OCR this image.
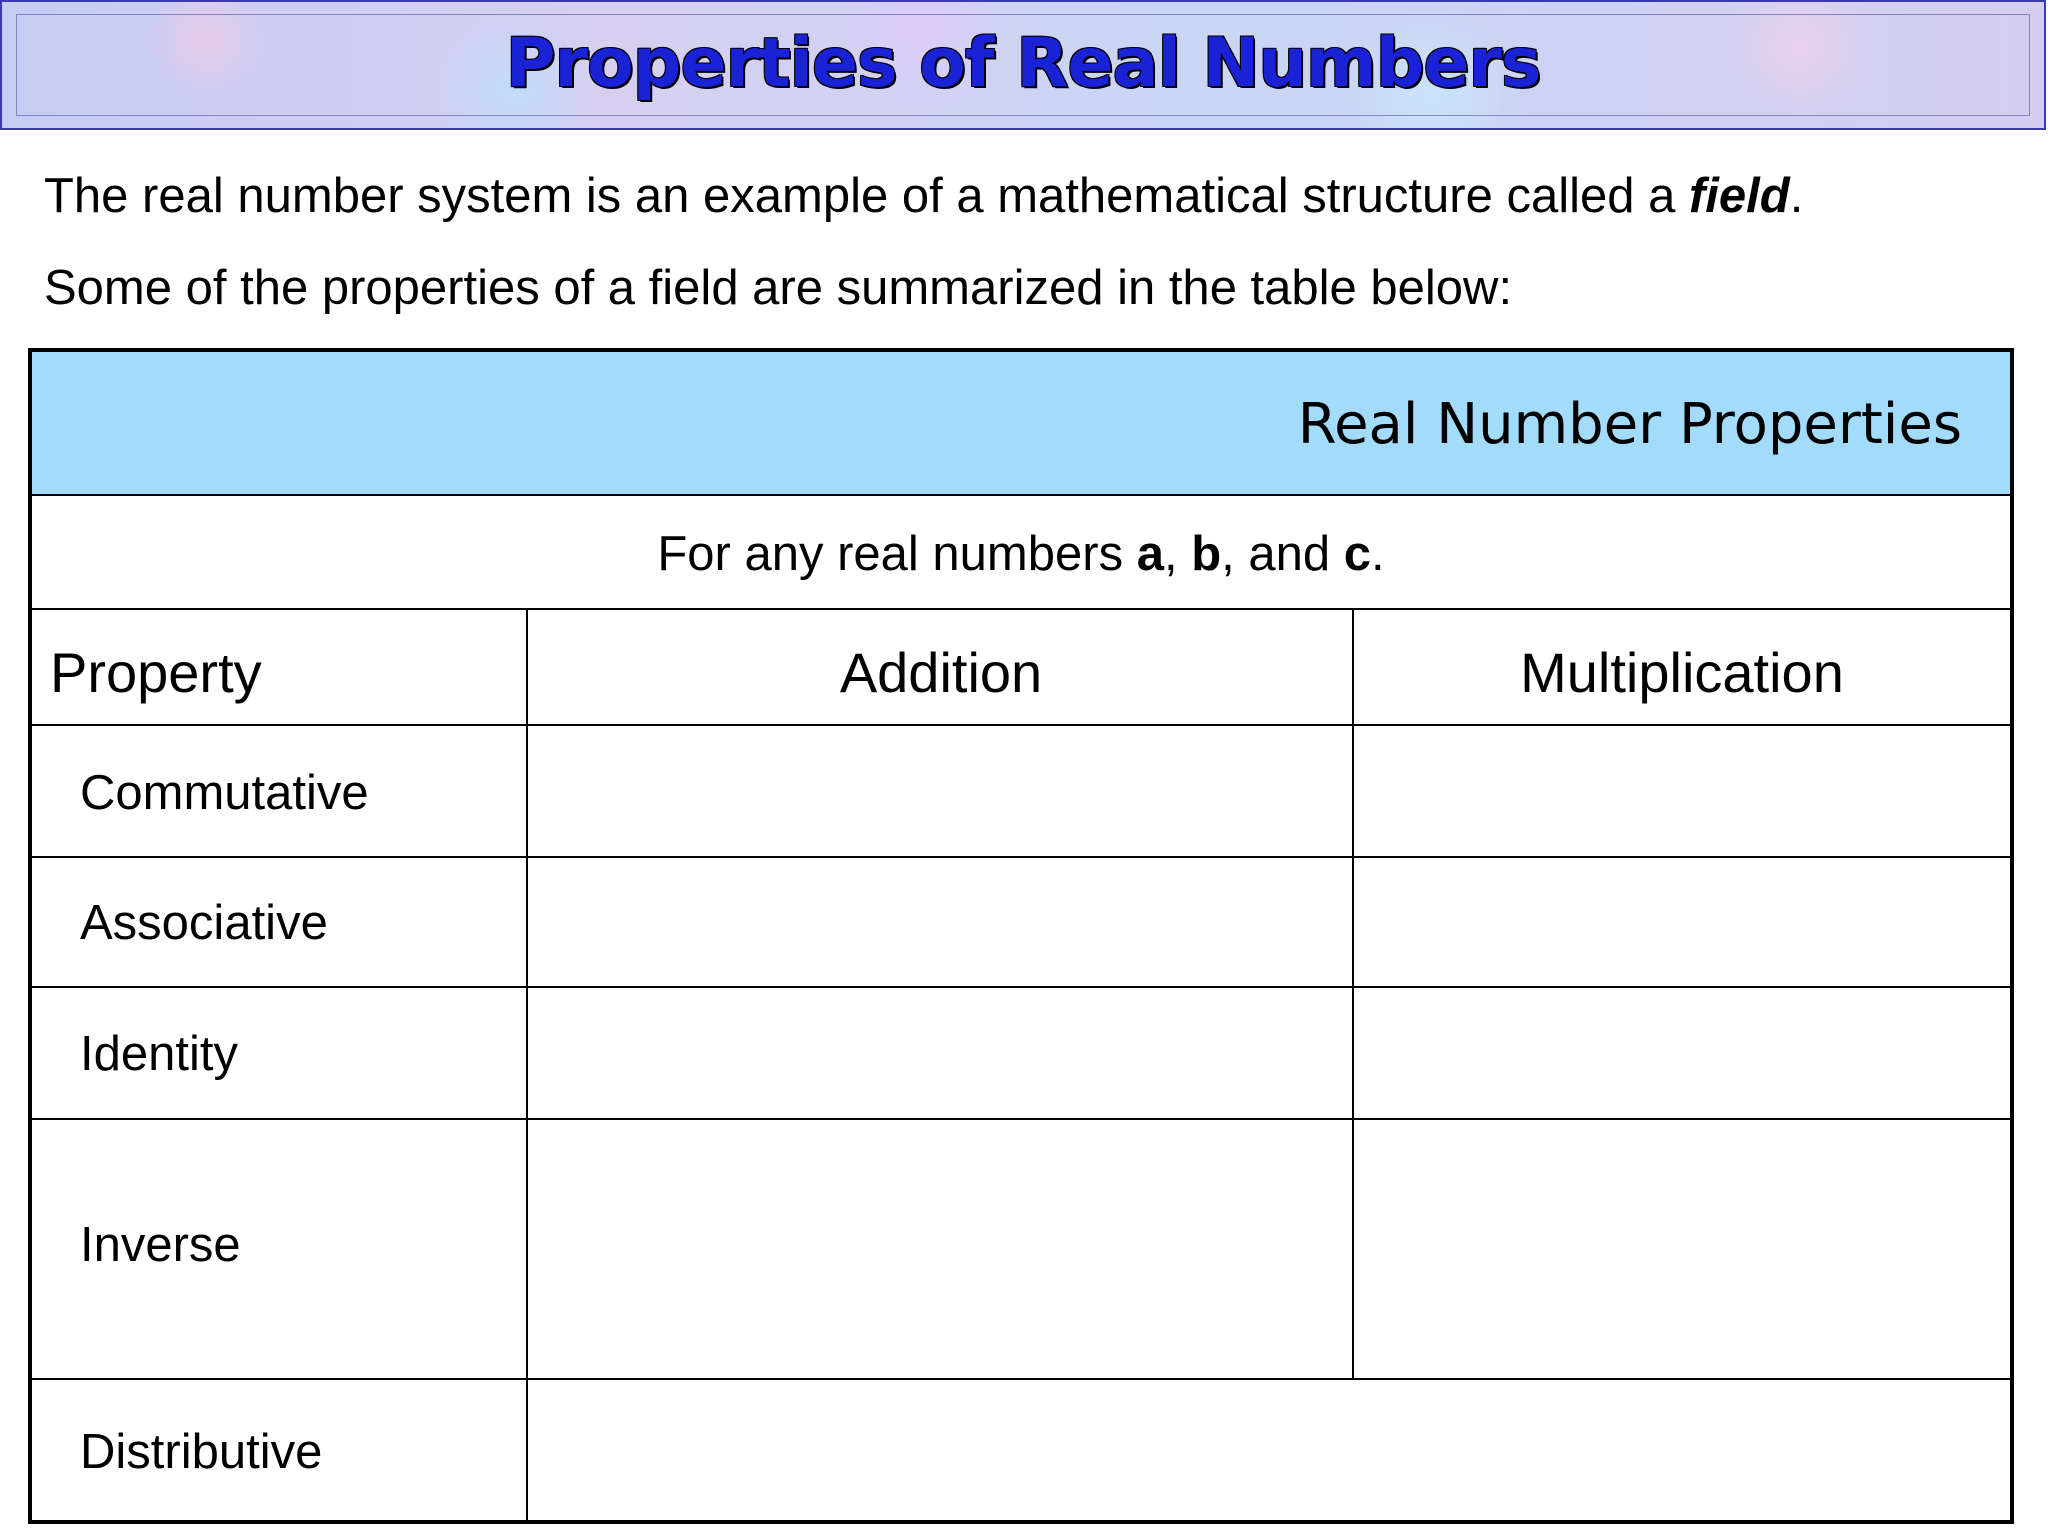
Properties of Real Numbers
The real number system is an example of a mathematical structure called a field.
Some of the properties of a field are summarized in the table below:
Real Number Properties
For any real numbers a, b, and c.
Property	Addition	Multiplication
Commutative
Associative
Identity
Inverse
Distributive
